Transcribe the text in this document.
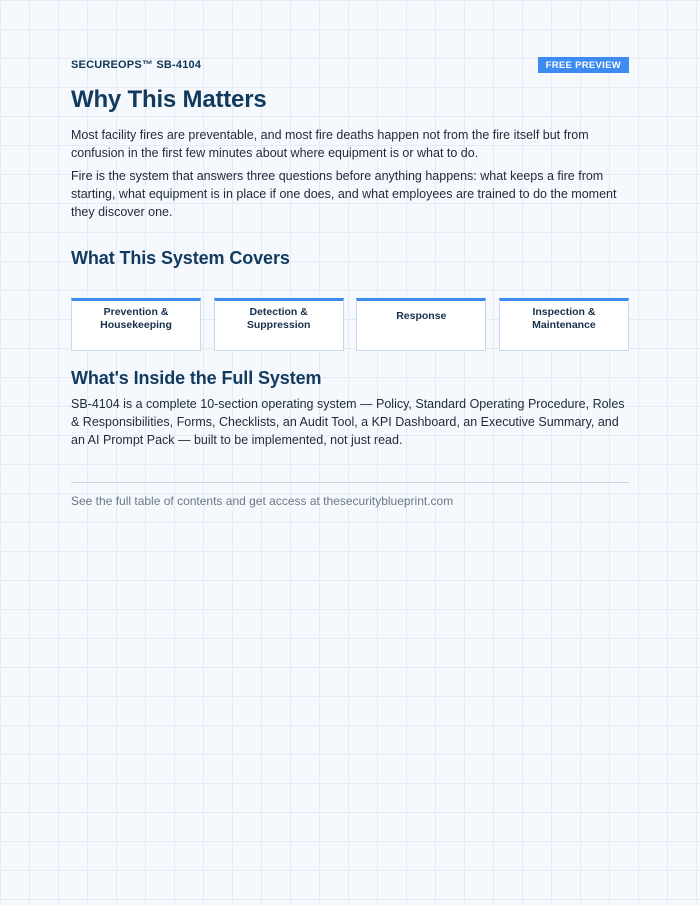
SECUREOPS™ SB-4104	FREE PREVIEW
Why This Matters

Most facility fires are preventable, and most fire deaths happen not from the fire itself but from confusion in the first few minutes about where equipment is or what to do.

Fire is the system that answers three questions before anything happens: what keeps a fire from starting, what equipment is in place if one does, and what employees are trained to do the moment they discover one.

What This System Covers
Prevention &
Housekeeping
Detection &
Suppression
Response	Inspection &
Maintenance
What's Inside the Full System

SB-4104 is a complete 10-section operating system — Policy, Standard Operating Procedure, Roles & Responsibilities, Forms, Checklists, an Audit Tool, a KPI Dashboard, an Executive Summary, and an AI Prompt Pack — built to be implemented, not just read.

See the full table of contents and get access at thesecurityblueprint.com
